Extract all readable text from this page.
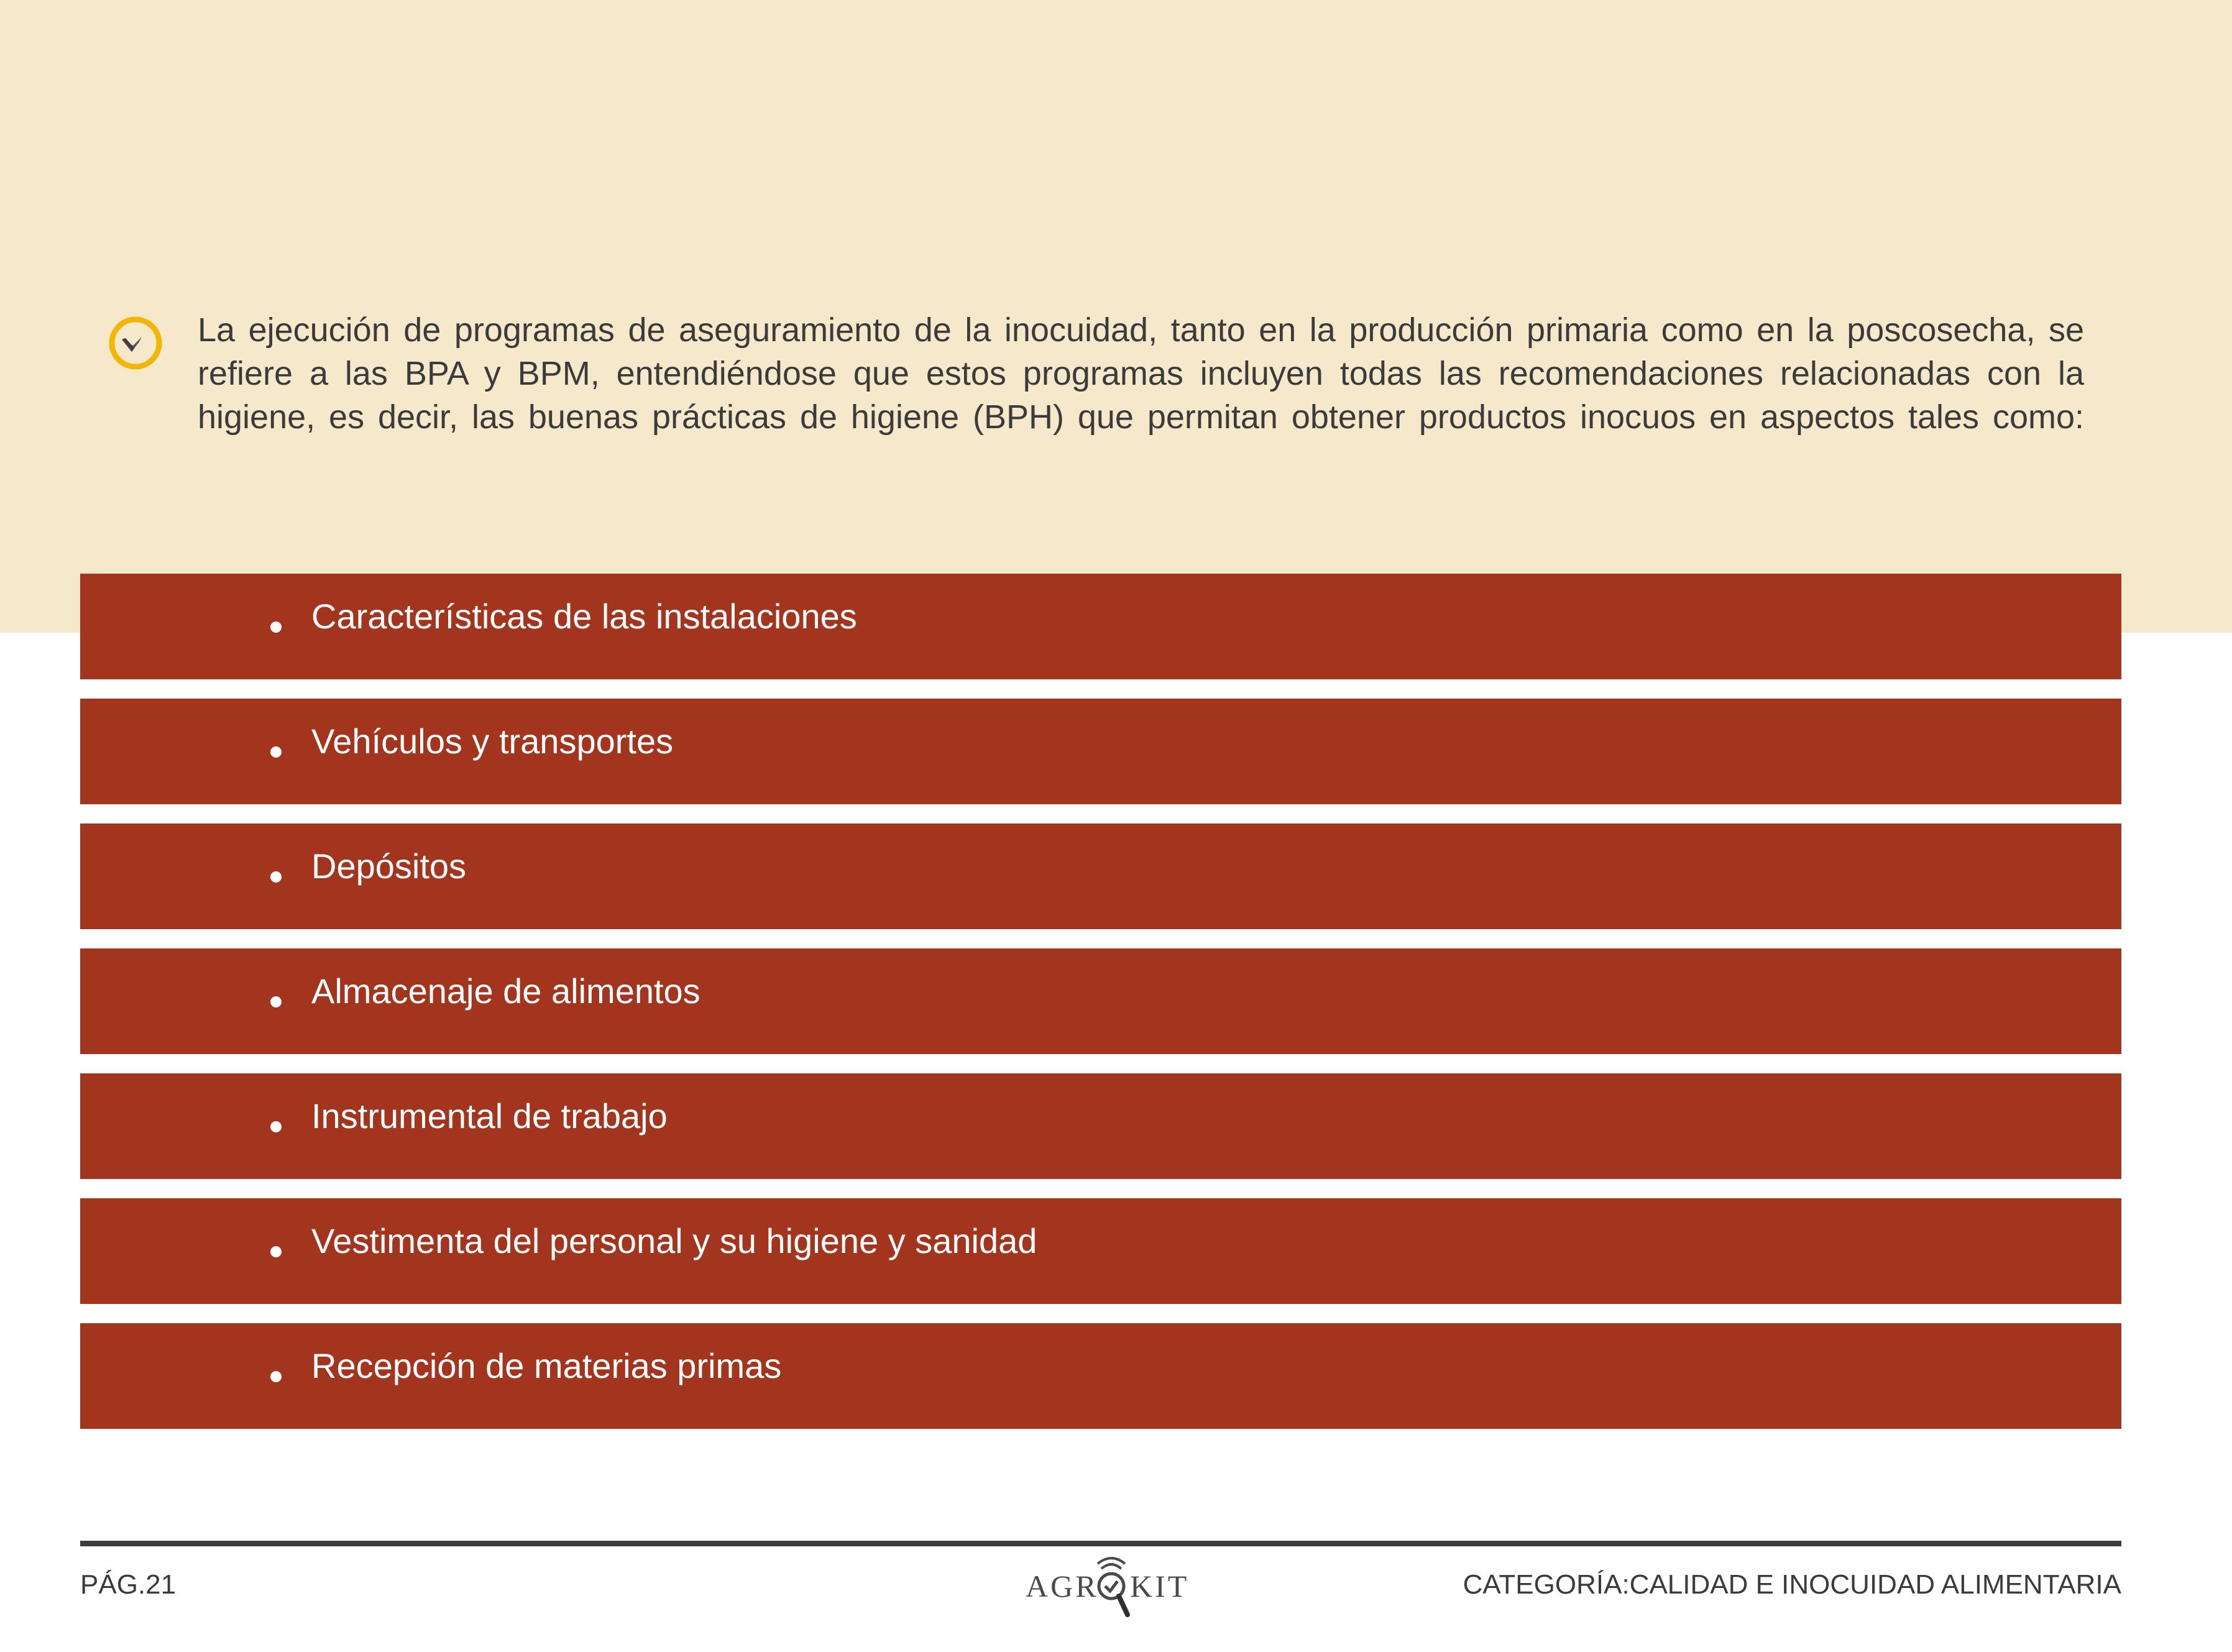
La ejecución de programas de aseguramiento de la inocuidad, tanto en la producción primaria como en la poscosecha, se refiere a las BPA y BPM, entendiéndose que estos programas incluyen todas las recomendaciones relacionadas con la higiene, es decir, las buenas prácticas de higiene (BPH) que permitan obtener productos inocuos en aspectos tales como:

Características de las instalaciones
Vehículos y transportes
Depósitos
Almacenaje de alimentos
Instrumental de trabajo
Vestimenta del personal y su higiene y sanidad
Recepción de materias primas
PÁG.21	AGR KIT	CATEGORÍA:CALIDAD E INOCUIDAD ALIMENTARIA
